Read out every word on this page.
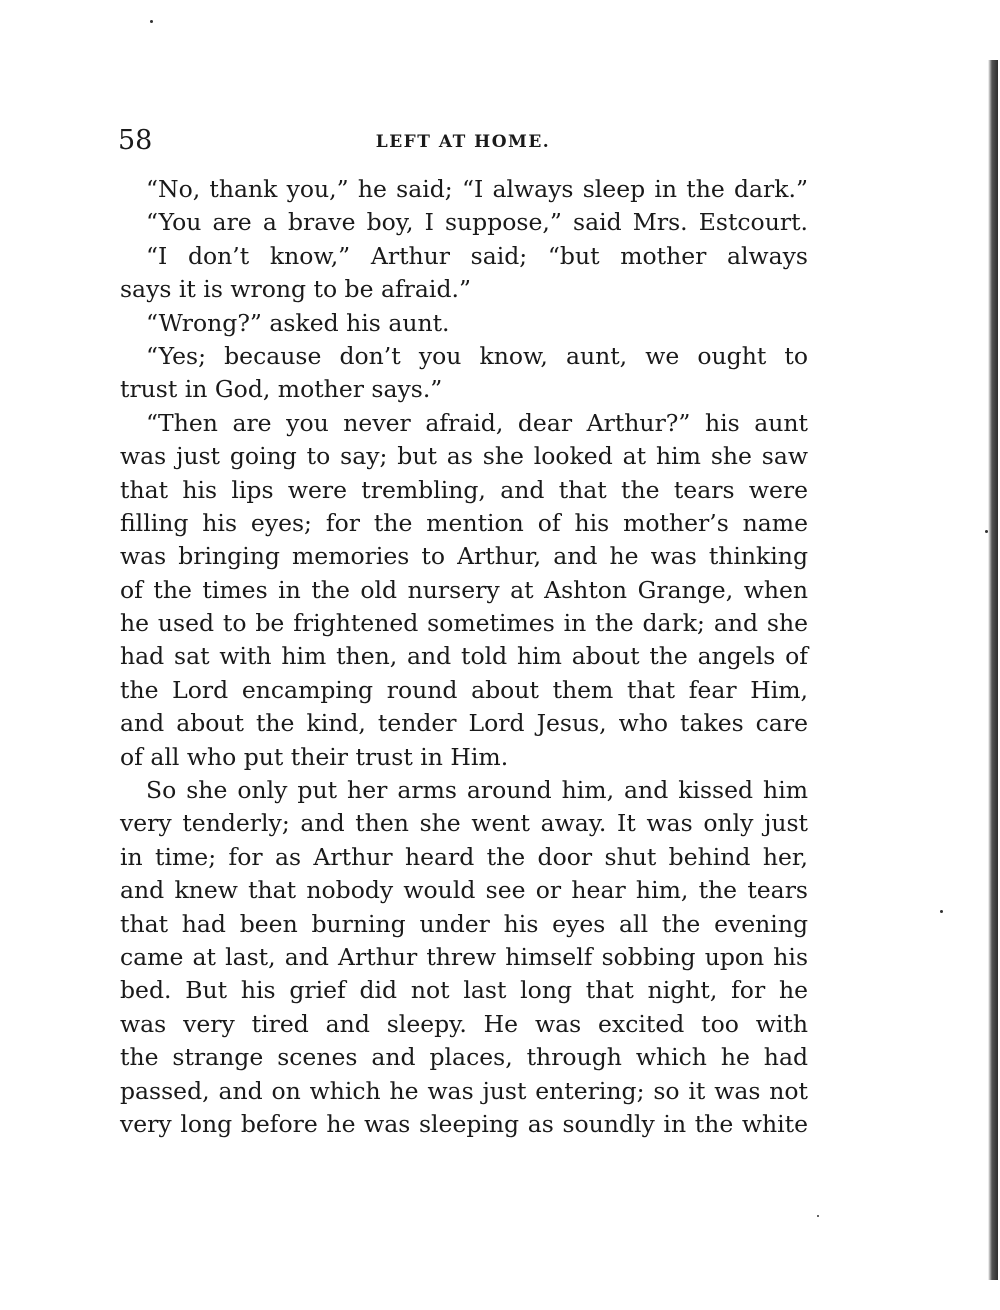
58	LEFT AT HOME.
“No, thank you,” he said; “I always sleep in the dark.”
“You are a brave boy, I suppose,” said Mrs. Estcourt.
“I don’t know,” Arthur said; “but mother always
says it is wrong to be afraid.”
“Wrong?” asked his aunt.
“Yes; because don’t you know, aunt, we ought to
trust in God, mother says.”
“Then are you never afraid, dear Arthur?” his aunt
was just going to say; but as she looked at him she saw
that his lips were trembling, and that the tears were
filling his eyes; for the mention of his mother’s name
was bringing memories to Arthur, and he was thinking
of the times in the old nursery at Ashton Grange, when
he used to be frightened sometimes in the dark; and she
had sat with him then, and told him about the angels of
the Lord encamping round about them that fear Him,
and about the kind, tender Lord Jesus, who takes care
of all who put their trust in Him.
So she only put her arms around him, and kissed him
very tenderly; and then she went away. It was only just
in time; for as Arthur heard the door shut behind her,
and knew that nobody would see or hear him, the tears
that had been burning under his eyes all the evening
came at last, and Arthur threw himself sobbing upon his
bed. But his grief did not last long that night, for he
was very tired and sleepy. He was excited too with
the strange scenes and places, through which he had
passed, and on which he was just entering; so it was not
very long before he was sleeping as soundly in the white
